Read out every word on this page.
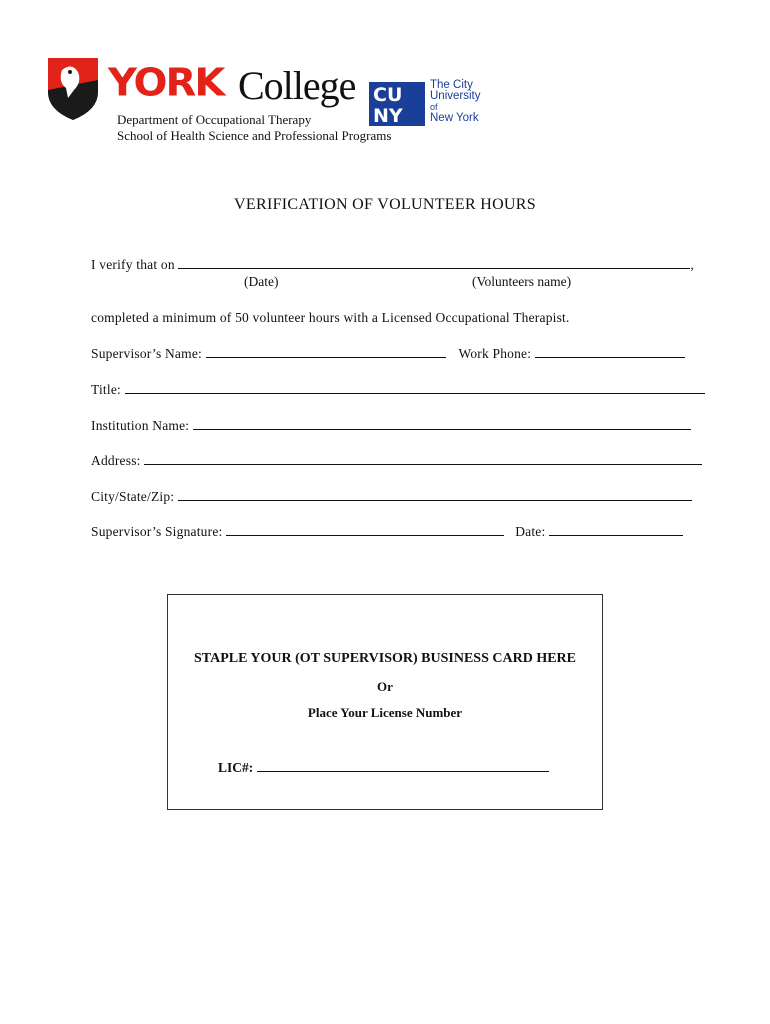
YORK College CU
NY
The City
University
of
New York
Department of Occupational Therapy
School of Health Science and Professional Programs
VERIFICATION OF VOLUNTEER HOURS
I verify that on	,
(Date)	(Volunteers name)
completed a minimum of 50 volunteer hours with a Licensed Occupational Therapist.
Supervisor’s Name:	Work Phone:
Title:
Institution Name:
Address:
City/State/Zip:
Supervisor’s Signature:	Date:
STAPLE YOUR (OT SUPERVISOR) BUSINESS CARD HERE
Or
Place Your License Number
LIC#:
